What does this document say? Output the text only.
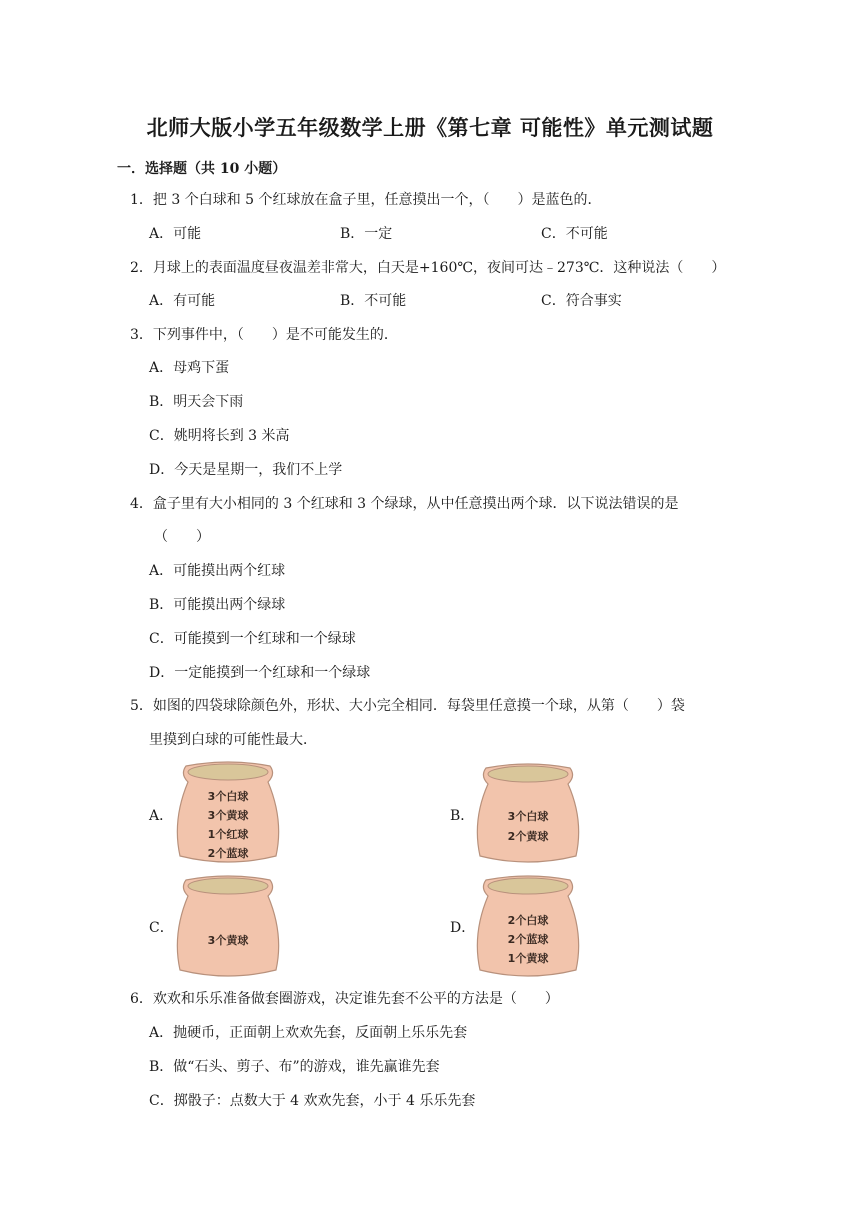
北师大版小学五年级数学上册《第七章 可能性》单元测试题
一．选择题（共 10 小题）
1．把 3 个白球和 5 个红球放在盒子里，任意摸出一个，（　　）是蓝色的．
A．可能	B．一定	C．不可能
2．月球上的表面温度昼夜温差非常大，白天是+160℃，夜间可达﹣273℃．这种说法（　　）
A．有可能	B．不可能	C．符合事实
3．下列事件中，（　　）是不可能发生的．
A．母鸡下蛋
B．明天会下雨
C．姚明将长到 3 米高
D．今天是星期一，我们不上学
4．盒子里有大小相同的 3 个红球和 3 个绿球，从中任意摸出两个球．以下说法错误的是
（　　）
A．可能摸出两个红球
B．可能摸出两个绿球
C．可能摸到一个红球和一个绿球
D．一定能摸到一个红球和一个绿球
5．如图的四袋球除颜色外，形状、大小完全相同．每袋里任意摸一个球，从第（　　）袋
里摸到白球的可能性最大．
A．	B．
C．	D．
3个白球
3个黄球
1个红球
2个蓝球
3个白球
2个黄球
3个黄球
2个白球
2个蓝球
1个黄球
6．欢欢和乐乐准备做套圈游戏，决定谁先套不公平的方法是（　　）
A．抛硬币，正面朝上欢欢先套，反面朝上乐乐先套
B．做“石头、剪子、布”的游戏，谁先赢谁先套
C．掷骰子：点数大于 4 欢欢先套，小于 4 乐乐先套
